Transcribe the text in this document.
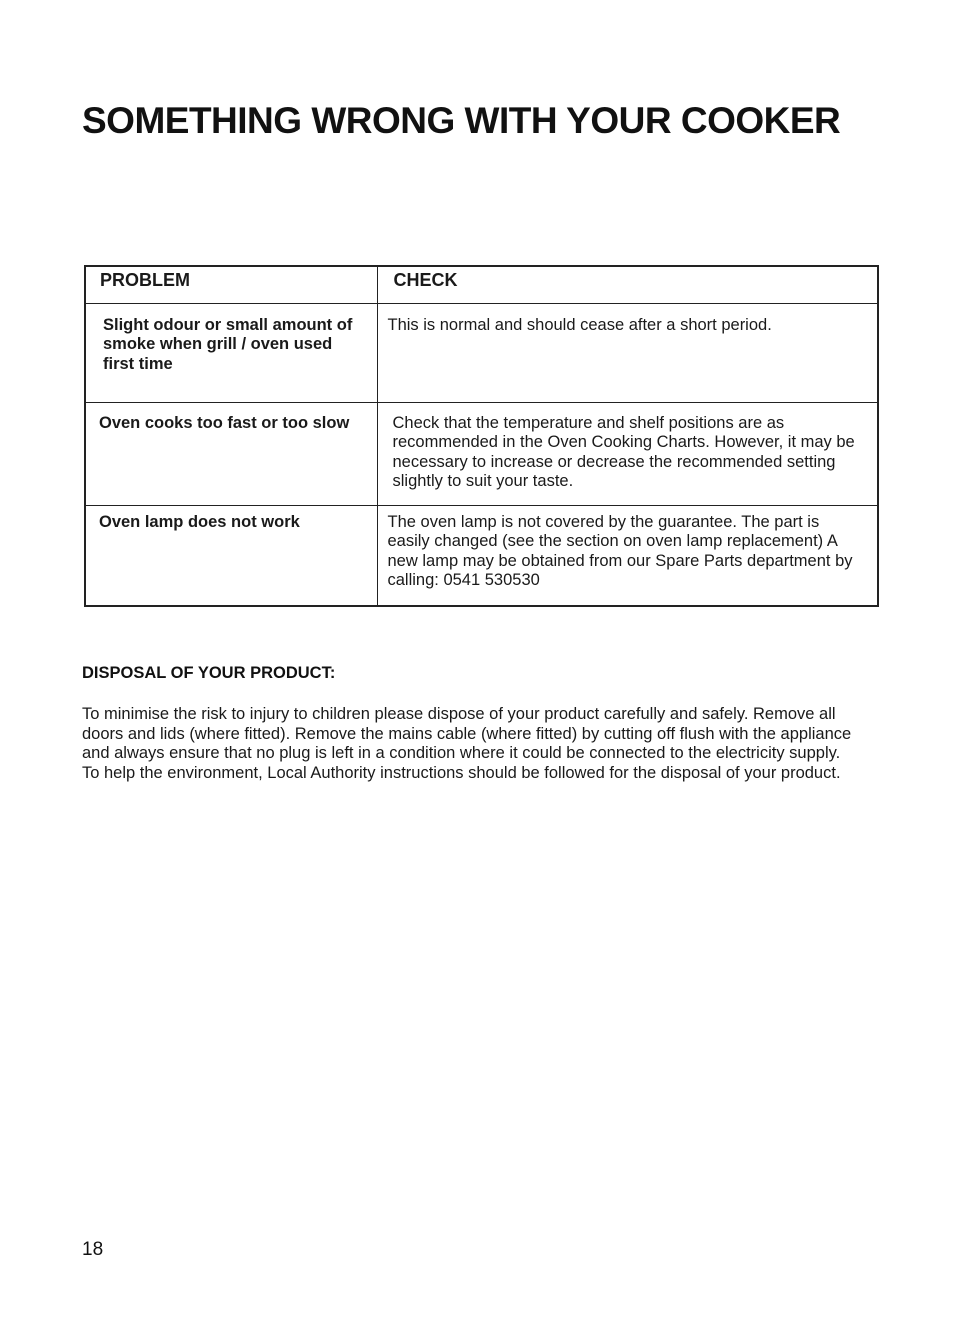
SOMETHING WRONG WITH YOUR COOKER
PROBLEM	CHECK
Slight odour or small amount of smoke when grill / oven used first time	This is normal and should cease after a short period.
Oven cooks too fast or too slow	Check that the temperature and shelf positions are as recommended in the Oven Cooking Charts. However, it may be necessary to increase or decrease the recommended setting slightly to suit your taste.
Oven lamp does not work	The oven lamp is not covered by the guarantee. The part is easily changed (see the section on oven lamp replacement) A new lamp may be obtained from our Spare Parts department by calling: 0541 530530
DISPOSAL OF YOUR PRODUCT:

To minimise the risk to injury to children please dispose of your product carefully and safely. Remove all doors and lids (where fitted). Remove the mains cable (where fitted) by cutting off flush with the appliance and always ensure that no plug is left in a condition where it could be connected to the electricity supply.

To help the environment, Local Authority instructions should be followed for the disposal of your product.

18
